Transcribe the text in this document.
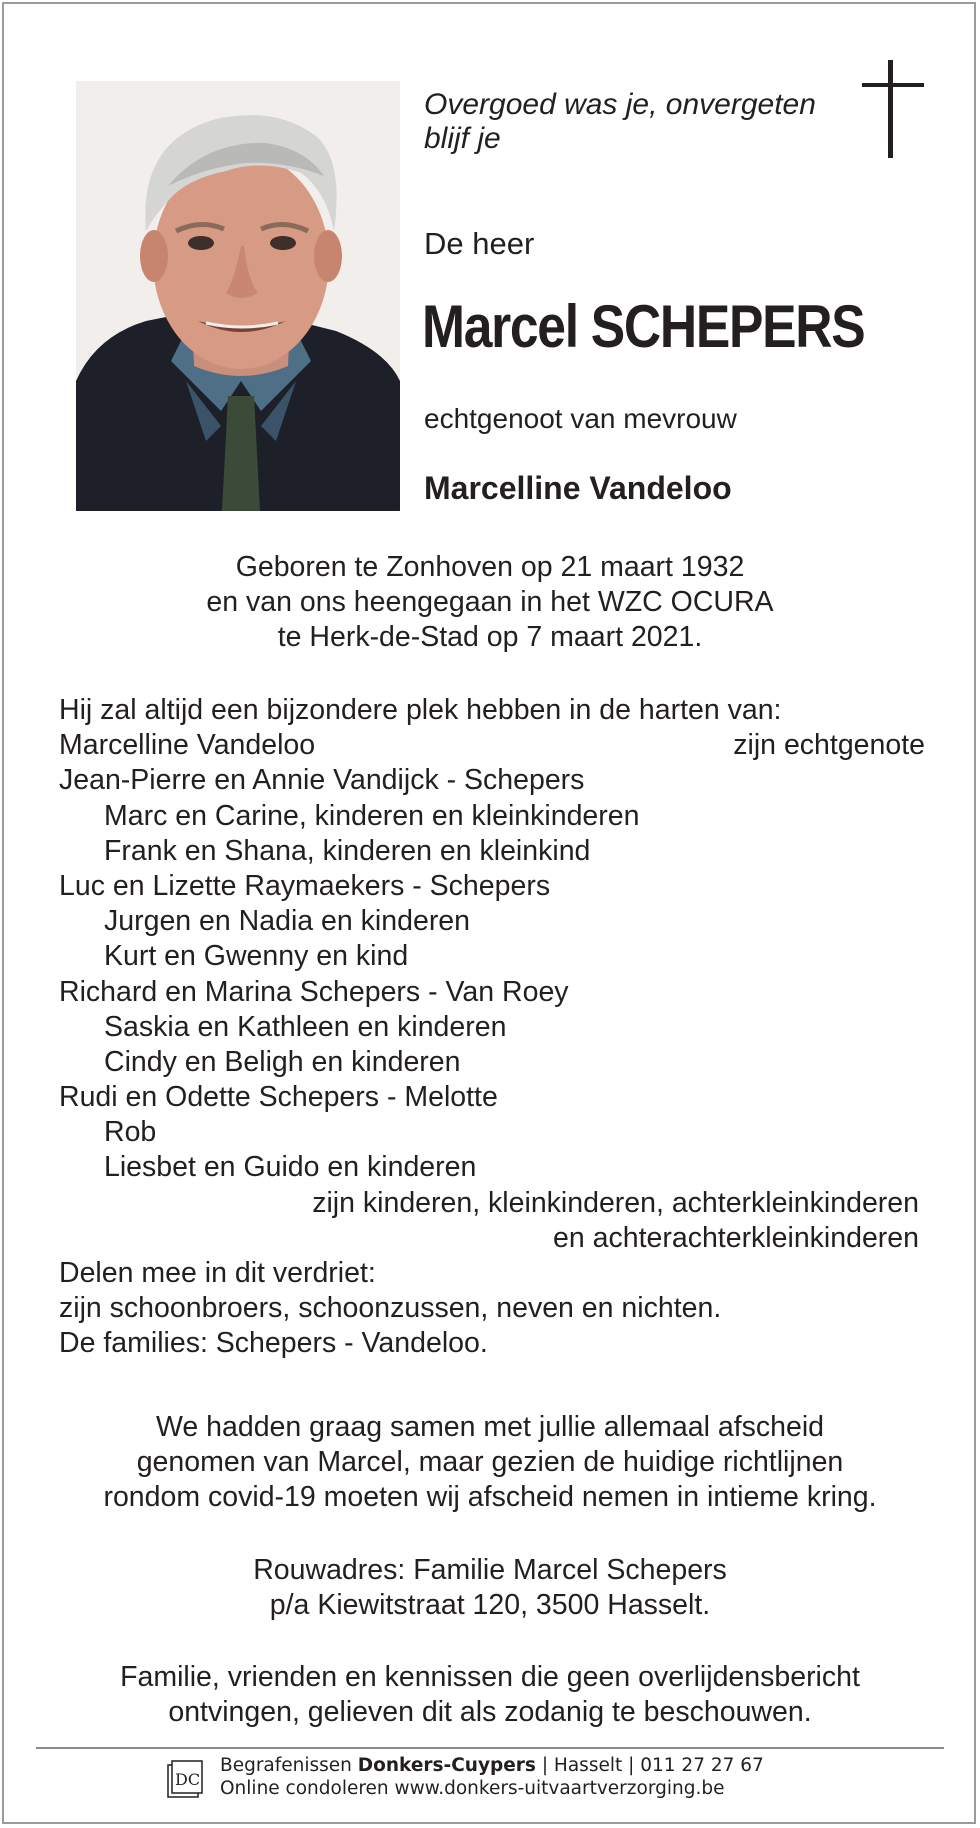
Overgoed was je, onvergeten blijf je
De heer
Marcel SCHEPERS
echtgenoot van mevrouw
Marcelline Vandeloo
Geboren te Zonhoven op 21 maart 1932
en van ons heengegaan in het WZC OCURA
te Herk-de-Stad op 7 maart 2021.
Hij zal altijd een bijzondere plek hebben in de harten van:
Marcelline Vandeloo	zijn echtgenote
Jean-Pierre en Annie Vandijck - Schepers
Marc en Carine, kinderen en kleinkinderen
Frank en Shana, kinderen en kleinkind
Luc en Lizette Raymaekers - Schepers
Jurgen en Nadia en kinderen
Kurt en Gwenny en kind
Richard en Marina Schepers - Van Roey
Saskia en Kathleen en kinderen
Cindy en Beligh en kinderen
Rudi en Odette Schepers - Melotte
Rob
Liesbet en Guido en kinderen
zijn kinderen, kleinkinderen, achterkleinkinderen
en achterachterkleinkinderen
Delen mee in dit verdriet:
zijn schoonbroers, schoonzussen, neven en nichten.
De families: Schepers - Vandeloo.
We hadden graag samen met jullie allemaal afscheid
genomen van Marcel, maar gezien de huidige richtlijnen
rondom covid-19 moeten wij afscheid nemen in intieme kring.
Rouwadres: Familie Marcel Schepers
p/a Kiewitstraat 120, 3500 Hasselt.
Familie, vrienden en kennissen die geen overlijdensbericht
ontvingen, gelieven dit als zodanig te beschouwen.
DC
Begrafenissen Donkers-Cuypers | Hasselt | 011 27 27 67
Online condoleren www.donkers-uitvaartverzorging.be
